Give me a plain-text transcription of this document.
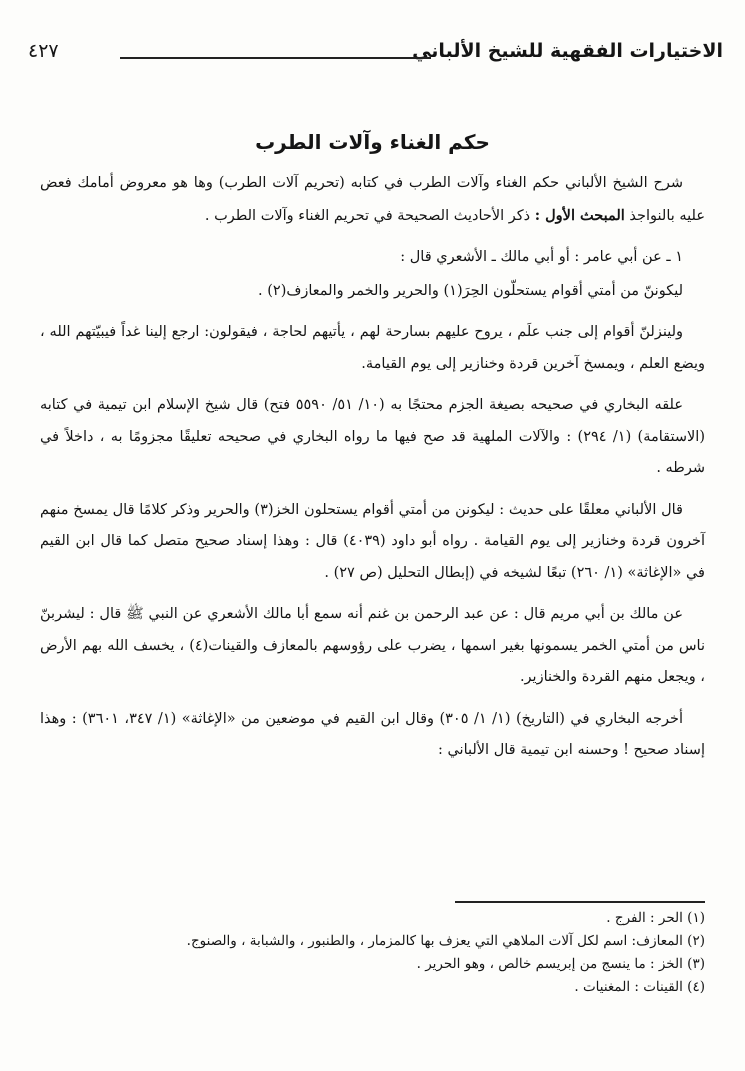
الاختيارات الفقهية للشيخ الألباني
٤٢٧
حكم الغناء وآلات الطرب

شرح الشيخ الألباني حكم الغناء وآلات الطرب في كتابه (تحريم آلات الطرب) وها هو معروض أمامك فعض عليه بالنواجذ المبحث الأول : ذكر الأحاديث الصحيحة في تحريم الغناء وآلات الطرب .

١ ـ عن أبي عامر : أو أبي مالك ـ الأشعري قال :

ليكوننّ من أمتي أقوام يستحلّون الحِرَ(١) والحرير والخمر والمعازف(٢) .

ولينزلنّ أقوام إلى جنب علَم ، يروح عليهم بسارحة لهم ، يأتيهم لحاجة ، فيقولون: ارجع إلينا غداً فيبيّتهم الله ، ويضع العلم ، ويمسخ آخرين قردة وخنازير إلى يوم القيامة.

علقه البخاري في صحيحه بصيغة الجزم محتجًا به (١٠/ ٥١/ ٥٥٩٠ فتح) قال شيخ الإسلام ابن تيمية في كتابه (الاستقامة) (١/ ٢٩٤) : والآلات الملهية قد صح فيها ما رواه البخاري في صحيحه تعليقًا مجزومًا به ، داخلاً في شرطه .

قال الألباني معلقًا على حديث : ليكونن من أمتي أقوام يستحلون الخز(٣) والحرير وذكر كلامًا قال يمسخ منهم آخرون قردة وخنازير إلى يوم القيامة . رواه أبو داود (٤٠٣٩) قال : وهذا إسناد صحيح متصل كما قال ابن القيم في «الإغاثة» (١/ ٢٦٠) تبعًا لشيخه في (إبطال التحليل (ص ٢٧) .

عن مالك بن أبي مريم قال : عن عبد الرحمن بن غنم أنه سمع أبا مالك الأشعري عن النبي ﷺ قال : ليشربنّ ناس من أمتي الخمر يسمونها بغير اسمها ، يضرب على رؤوسهم بالمعازف والقينات(٤) ، يخسف الله بهم الأرض ، ويجعل منهم القردة والخنازير.

أخرجه البخاري في (التاريخ) (١/ ١/ ٣٠٥) وقال ابن القيم في موضعين من «الإغاثة» (١/ ٣٤٧، ٣٦٠١) : وهذا إسناد صحيح ! وحسنه ابن تيمية قال الألباني :

(١) الحر : الفرج .
(٢) المعازف: اسم لكل آلات الملاهي التي يعزف بها كالمزمار ، والطنبور ، والشبابة ، والصنوج.
(٣) الخز : ما ينسج من إبريسم خالص ، وهو الحرير .
(٤) القينات : المغنيات .
